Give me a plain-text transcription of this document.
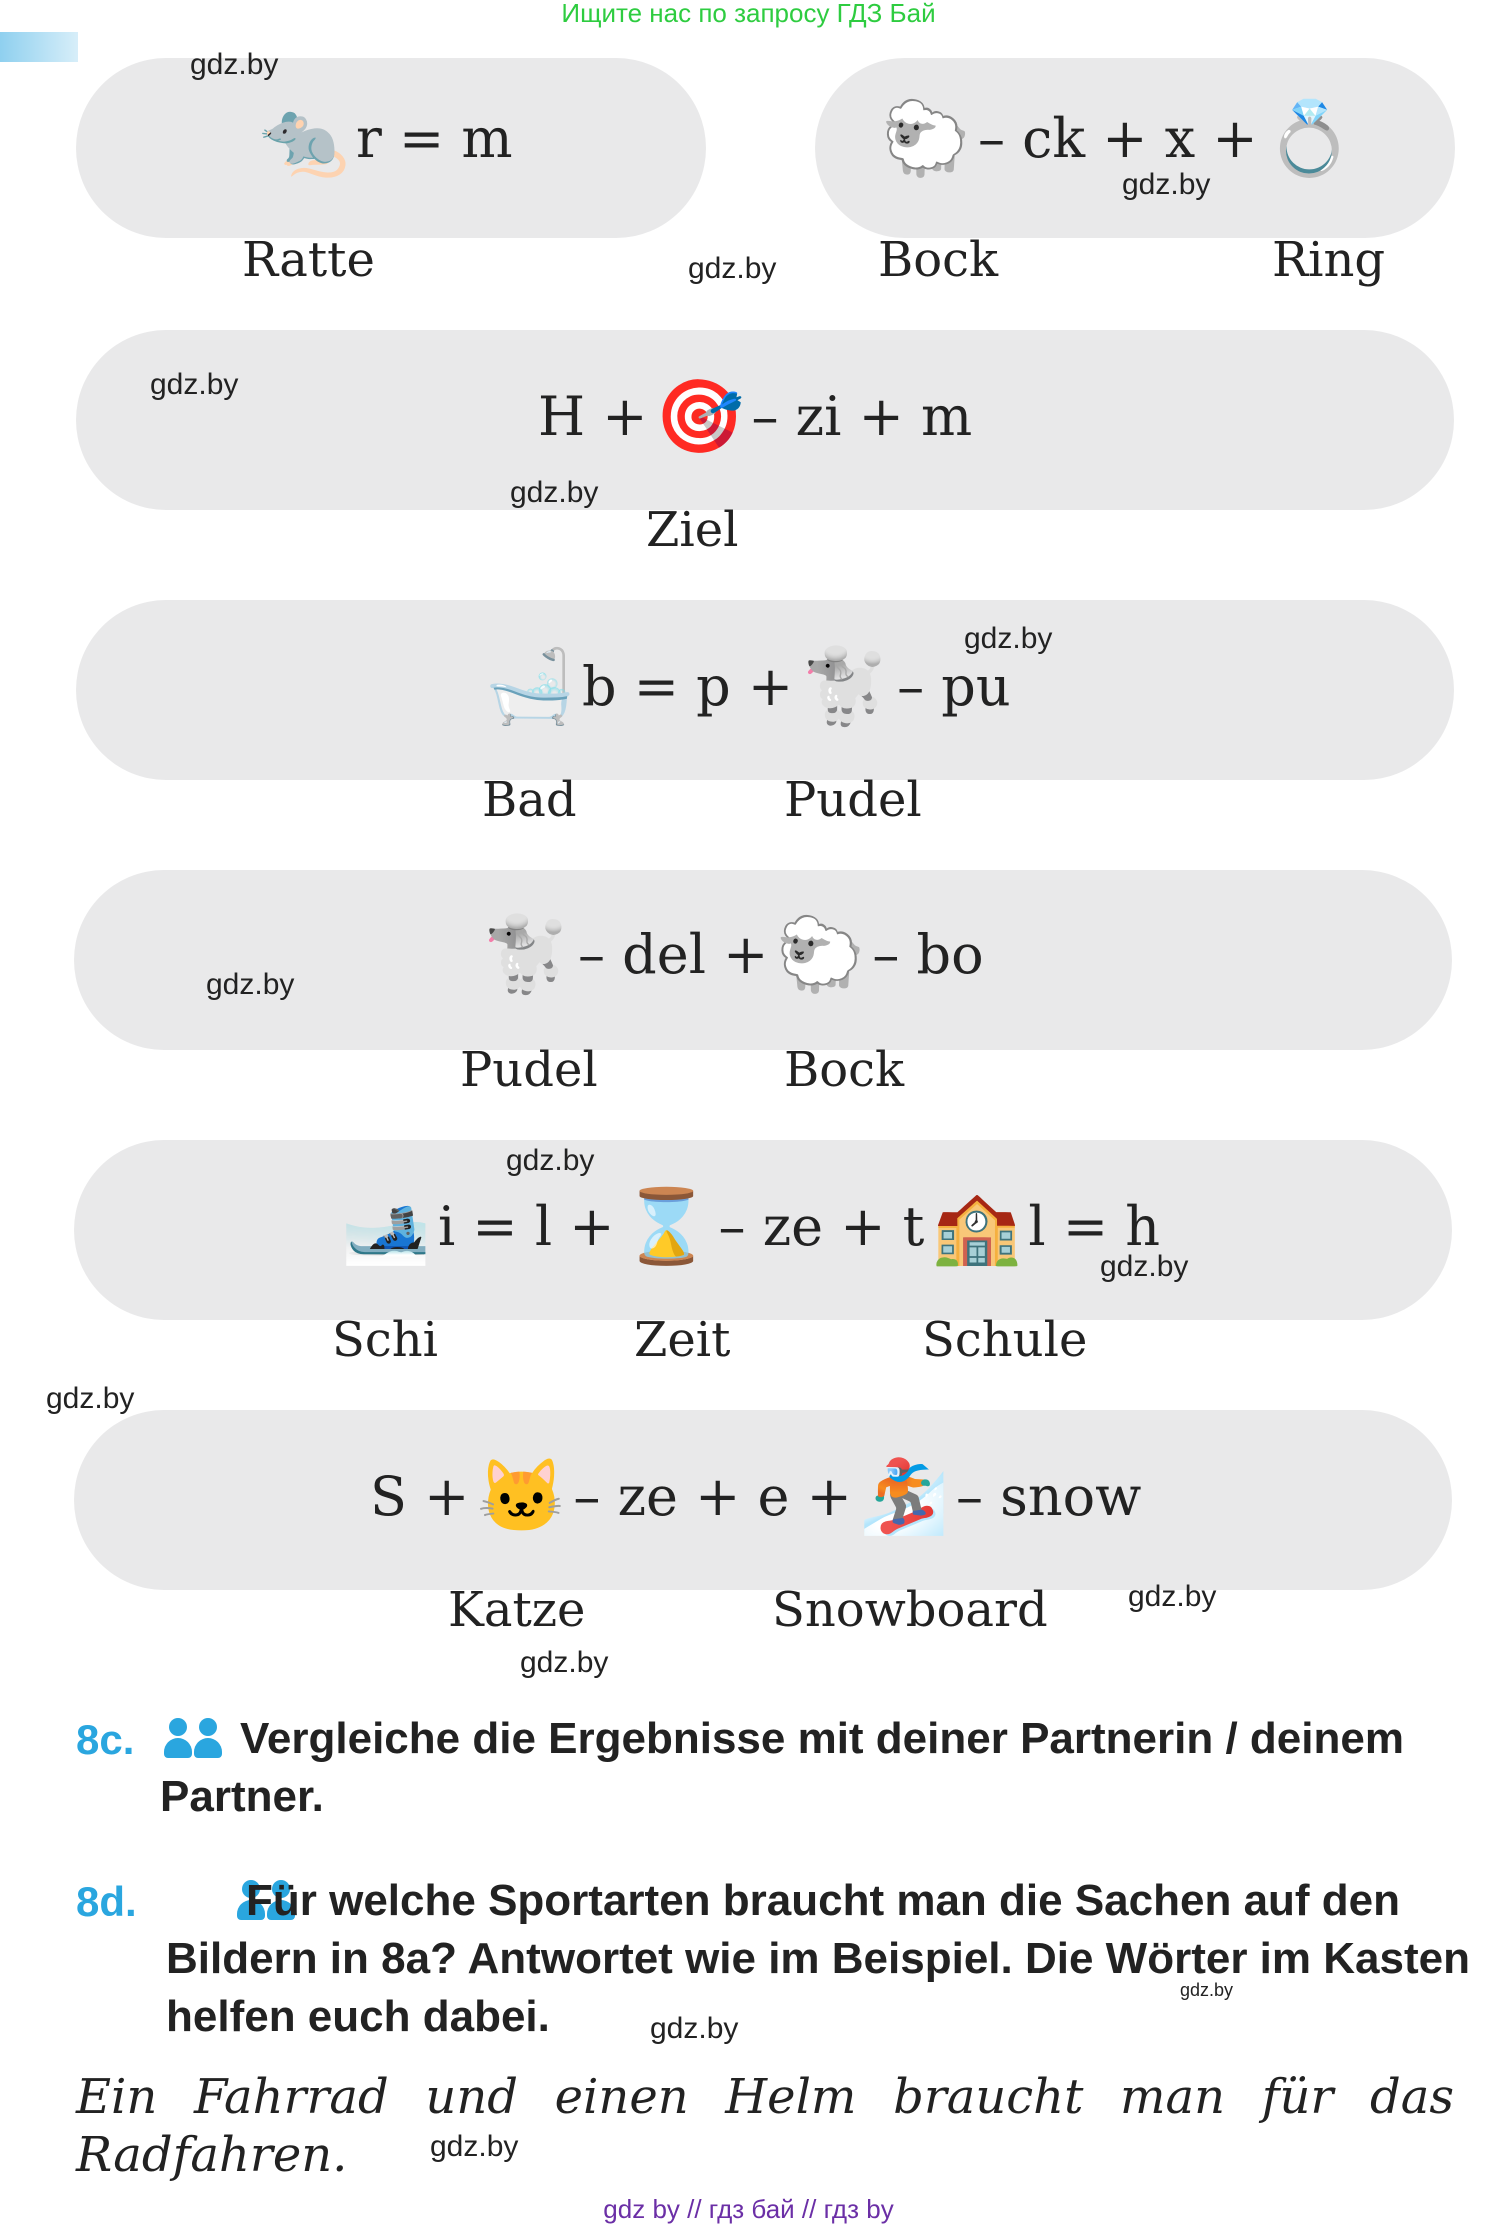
Ищите нас по запросу ГДЗ Бай
🐀 r = m
Ratte
🐑 – ck + x + 💍
Bock	Ring
H + 🎯 – zi + m
Ziel
🛁 b = p + 🐩 – pu
Bad	Pudel
🐩 – del + 🐑 – bo
Pudel	Bock
🎿 i = l + ⌛ – ze + t 🏫 l = h
Schi	Zeit	Schule
S + 🐱 – ze + e + 🏂 – snow
Katze	Snowboard
gdz.by
gdz.by
gdz.by
gdz.by
gdz.by
gdz.by
gdz.by
gdz.by
gdz.by
gdz.by
gdz.by
gdz.by
8c.
Vergleiche die Ergebnisse mit deiner Partnerin / deinem
Partner.
8d. Für welche Sportarten braucht man die Sachen auf den
Bildern in 8a? Antwortet wie im Beispiel. Die Wörter im Kasten
helfen euch dabei.
gdz.by
gdz.by
Ein Fahrrad und einen Helm braucht man für das
Radfahren.	gdz.by
gdz by // гдз бай // гдз by
